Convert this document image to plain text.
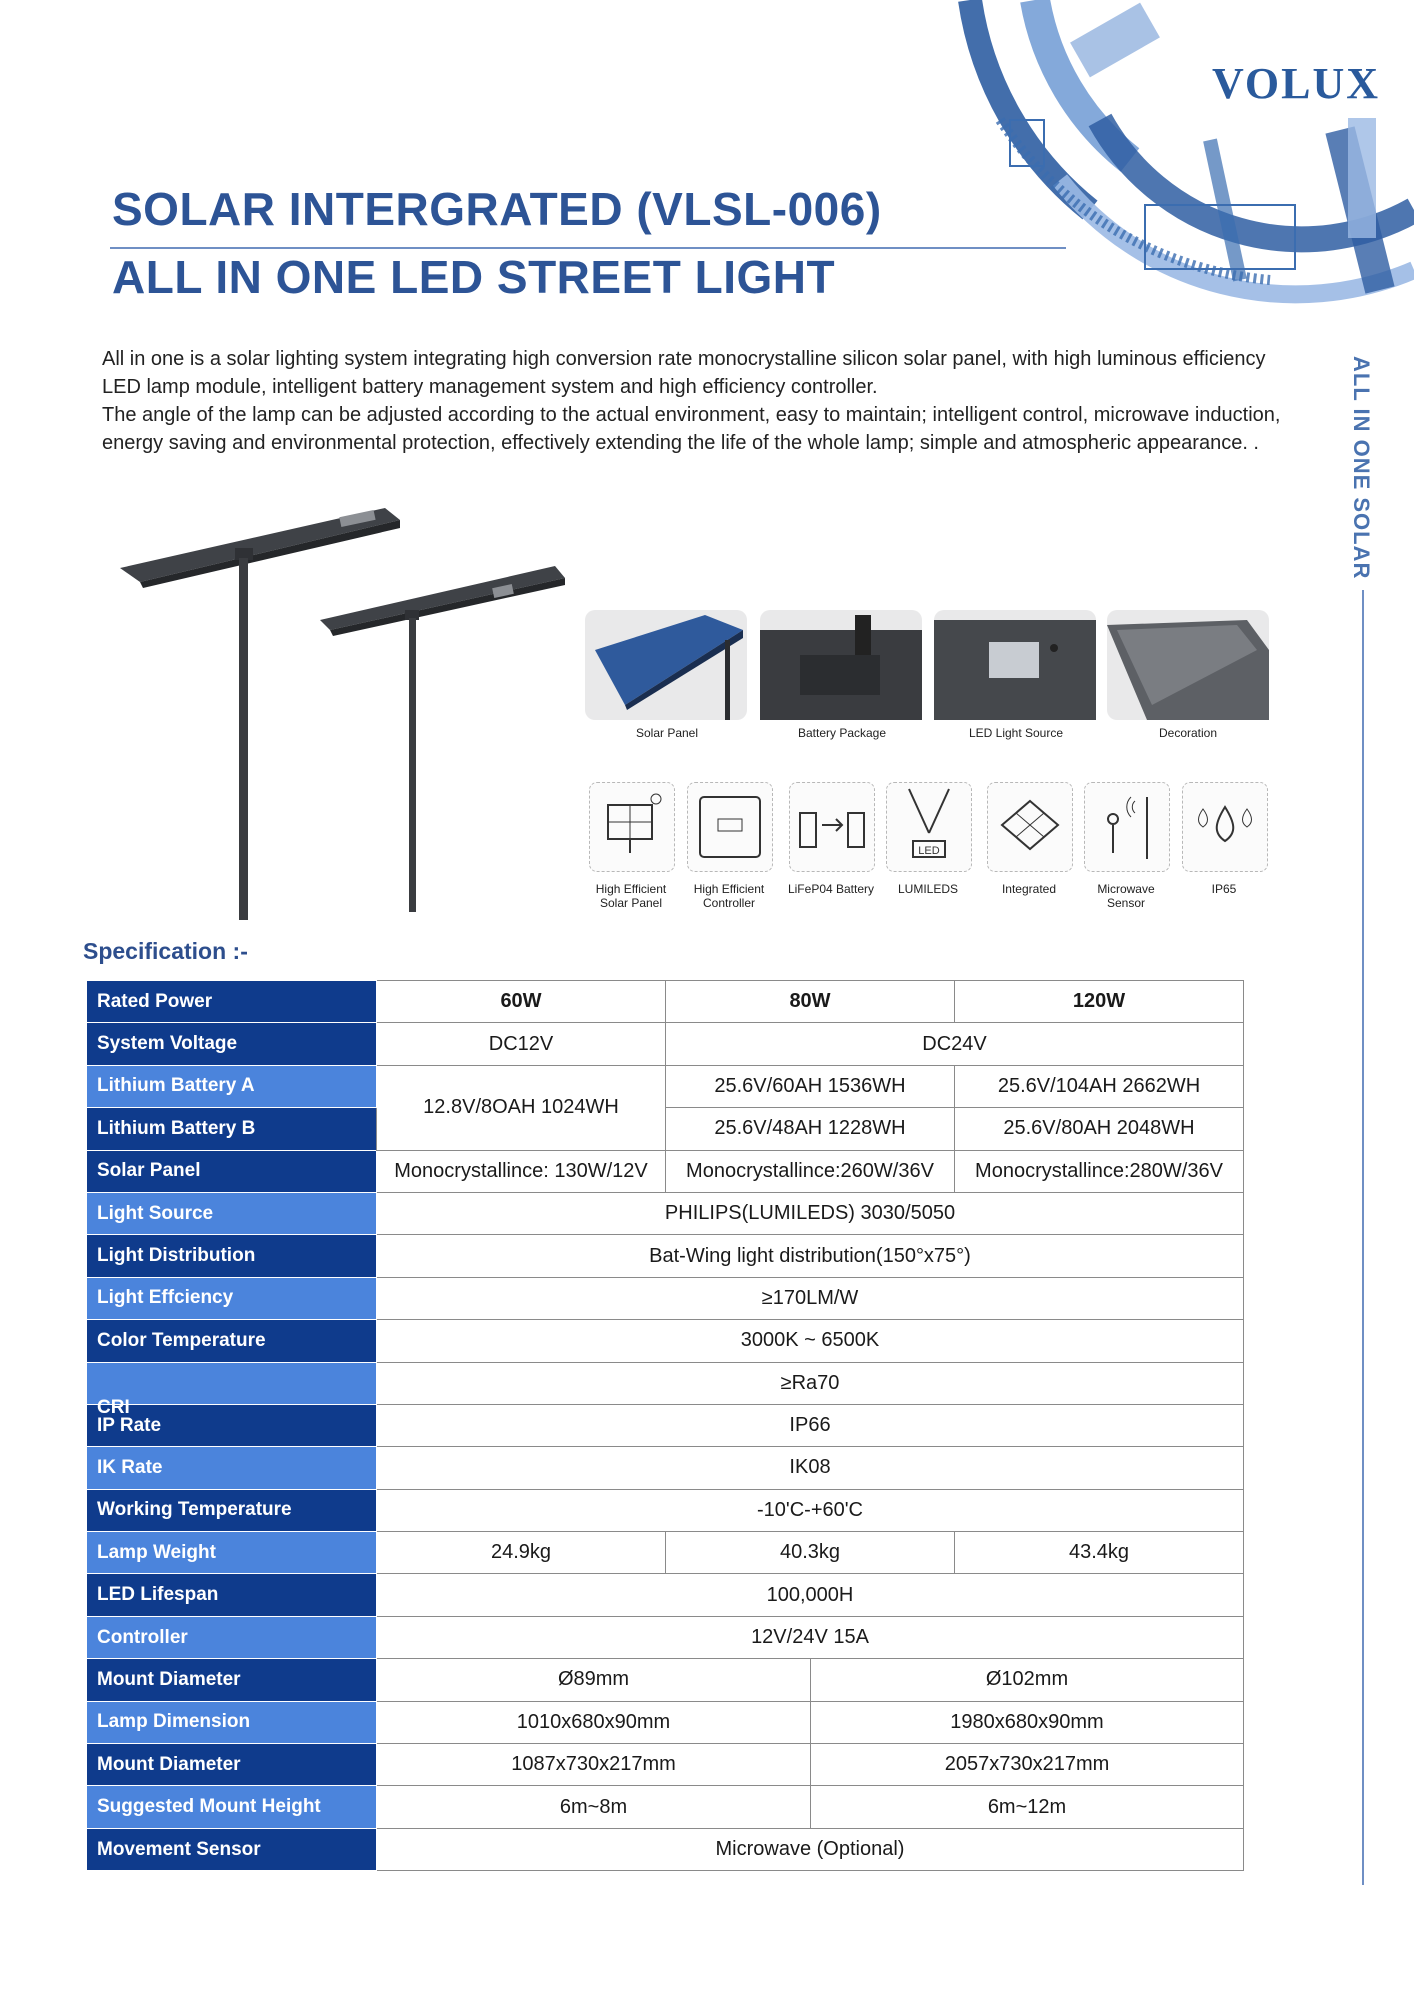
VOLUX
SOLAR INTERGRATED (VLSL-006)
ALL IN ONE LED STREET LIGHT

All in one is a solar lighting system integrating high conversion rate monocrystalline silicon solar panel, with high luminous efficiency LED lamp module, intelligent battery management system and high efficiency controller.

The angle of the lamp can be adjusted according to the actual environment, easy to maintain; intelligent control, microwave induction, energy saving and environmental protection, effectively extending the life of the whole lamp; simple and atmospheric appearance. .	ALL IN ONE SOLAR
Solar Panel	Battery Package	LED Light Source	Decoration
High Efficient Solar Panel
High Efficient Controller
LiFeP04 Battery
LED
LUMILEDS	Integrated	Microwave Sensor
IP65
Specification :-
Rated Power	60W	80W		120W
System Voltage	DC12V	DC24V		
Lithium Battery A	12.8V/8OAH 1024WH	25.6V/60AH 1536WH		25.6V/104AH 2662WH
Lithium Battery B		25.6V/48AH 1228WH		25.6V/80AH 2048WH
Solar Panel	Monocrystallince: 130W/12V	Monocrystallince:260W/36V		Monocrystallince:280W/36V
Light Source	PHILIPS(LUMILEDS) 3030/5050			
Light Distribution	Bat-Wing light distribution(150°x75°)			
Light Effciency	≥170LM/W			
Color Temperature	3000K ~ 6500K			

CRI	≥Ra70			
IP Rate	IP66			
IK Rate	IK08			
Working Temperature	-10'C-+60'C			
Lamp Weight	24.9kg	40.3kg		43.4kg
LED Lifespan	100,000H			
Controller	12V/24V 15A			
Mount Diameter	Ø89mm		Ø102mm	
Lamp Dimension	1010x680x90mm		1980x680x90mm	
Mount Diameter	1087x730x217mm		2057x730x217mm	
Suggested Mount Height	6m~8m		6m~12m	
Movement Sensor	Microwave (Optional)			
